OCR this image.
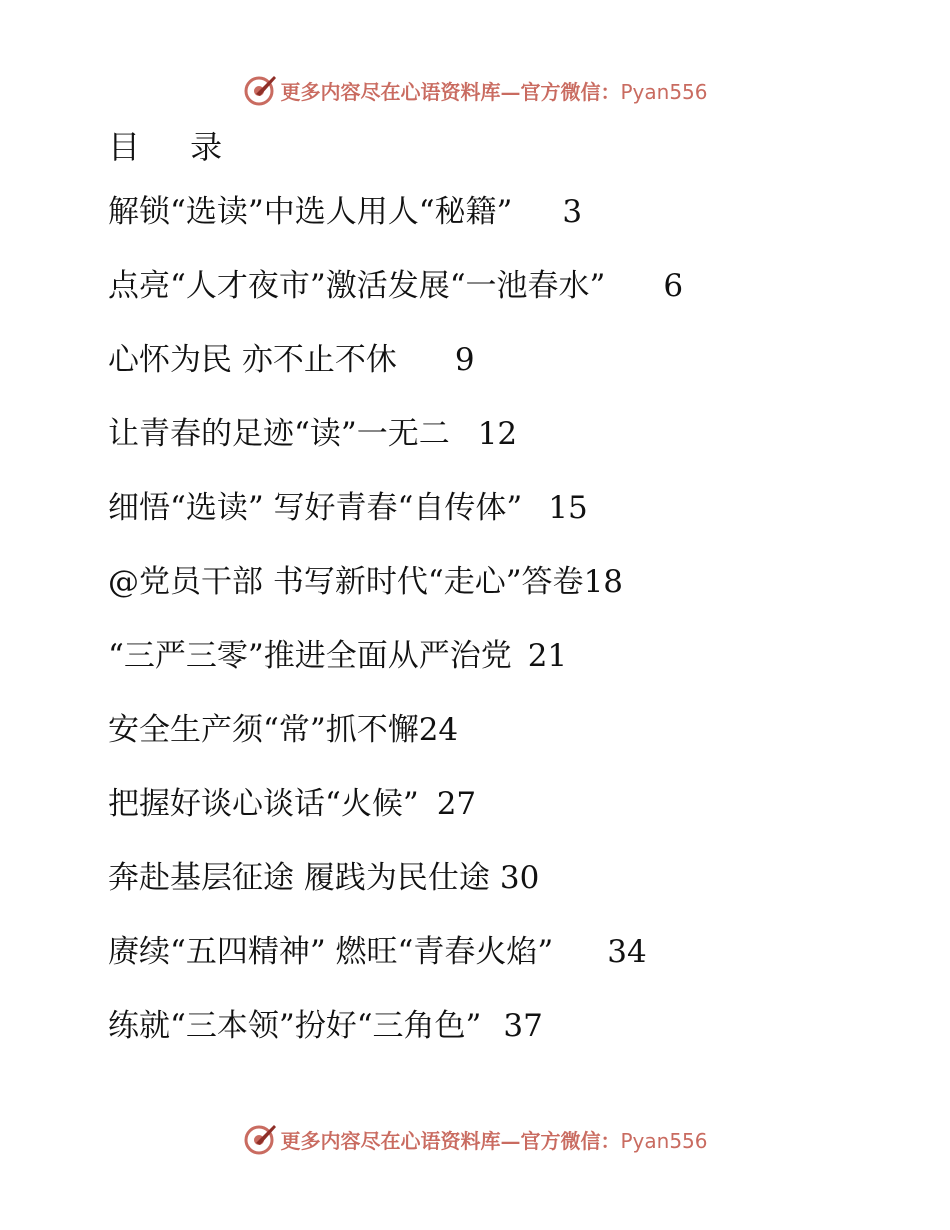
更多内容尽在心语资料库—官方微信：Pyan556
目 录
解锁“选读”中选人用人“秘籍” 3
点亮“人才夜市”激活发展“一池春水” 6
心怀为民 亦不止不休 9
让青春的足迹“读”一无二 12
细悟“选读” 写好青春“自传体” 15
@党员干部 书写新时代“走心”答卷 18
“三严三零”推进全面从严治党 21
安全生产须“常”抓不懈 24
把握好谈心谈话“火候” 27
奔赴基层征途 履践为民仕途 30
赓续“五四精神” 燃旺“青春火焰” 34
练就“三本领”扮好“三角色” 37
更多内容尽在心语资料库—官方微信：Pyan556
